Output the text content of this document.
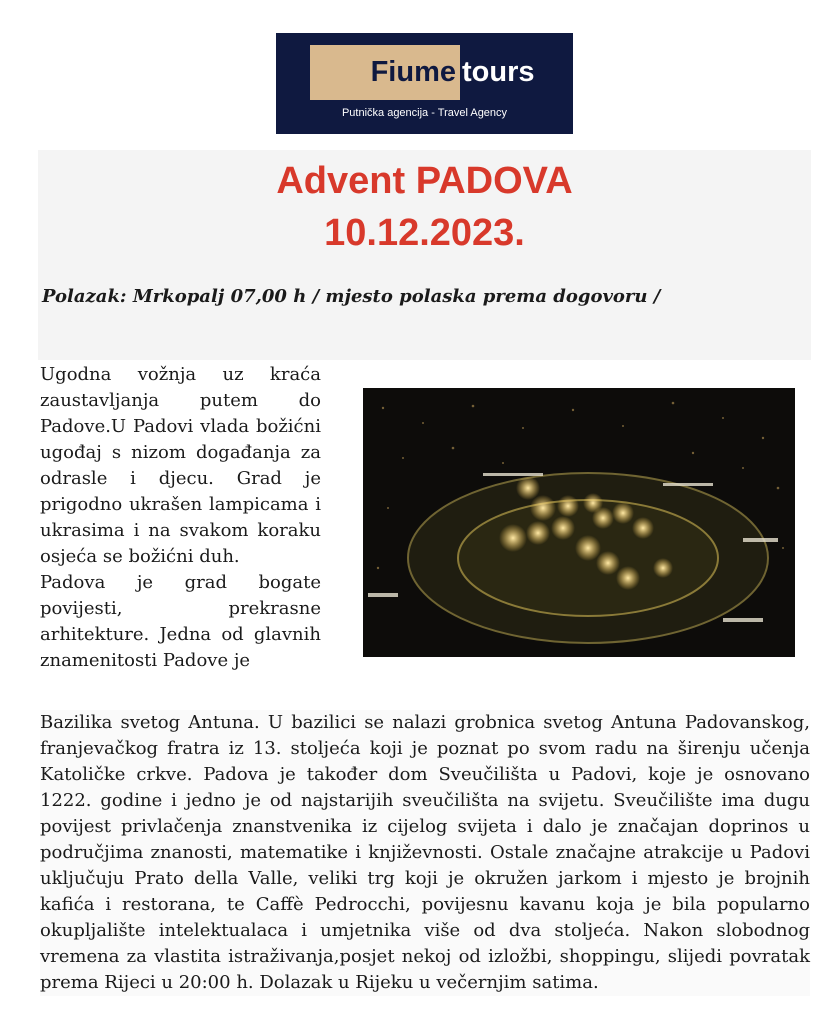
Fiume tours
Putnička agencija - Travel Agency
Advent PADOVA
10.12.2023.
Polazak: Mrkopalj 07,00 h / mjesto polaska prema dogovoru /

Ugodna vožnja uz kraća zaustavljanja putem do Padove.U Padovi vlada božićni ugođaj s nizom događanja za odrasle i djecu. Grad je prigodno ukrašen lampicama i ukrasima i na svakom koraku osjeća se božićni duh.

Padova je grad bogate povijesti, prekrasne arhitekture. Jedna od glavnih znamenitosti Padove je

Bazilika svetog Antuna. U bazilici se nalazi grobnica svetog Antuna Padovanskog, franjevačkog fratra iz 13. stoljeća koji je poznat po svom radu na širenju učenja Katoličke crkve. Padova je također dom Sveučilišta u Padovi, koje je osnovano 1222. godine i jedno je od najstarijih sveučilišta na svijetu. Sveučilište ima dugu povijest privlačenja znanstvenika iz cijelog svijeta i dalo je značajan doprinos u područjima znanosti, matematike i književnosti. Ostale značajne atrakcije u Padovi uključuju Prato della Valle, veliki trg koji je okružen jarkom i mjesto je brojnih kafića i restorana, te Caffè Pedrocchi, povijesnu kavanu koja je bila popularno okupljalište intelektualaca i umjetnika više od dva stoljeća. Nakon slobodnog vremena za vlastita istraživanja,posjet nekoj od izložbi, shoppingu, slijedi povratak prema Rijeci u 20:00 h. Dolazak u Rijeku u večernjim satima.
